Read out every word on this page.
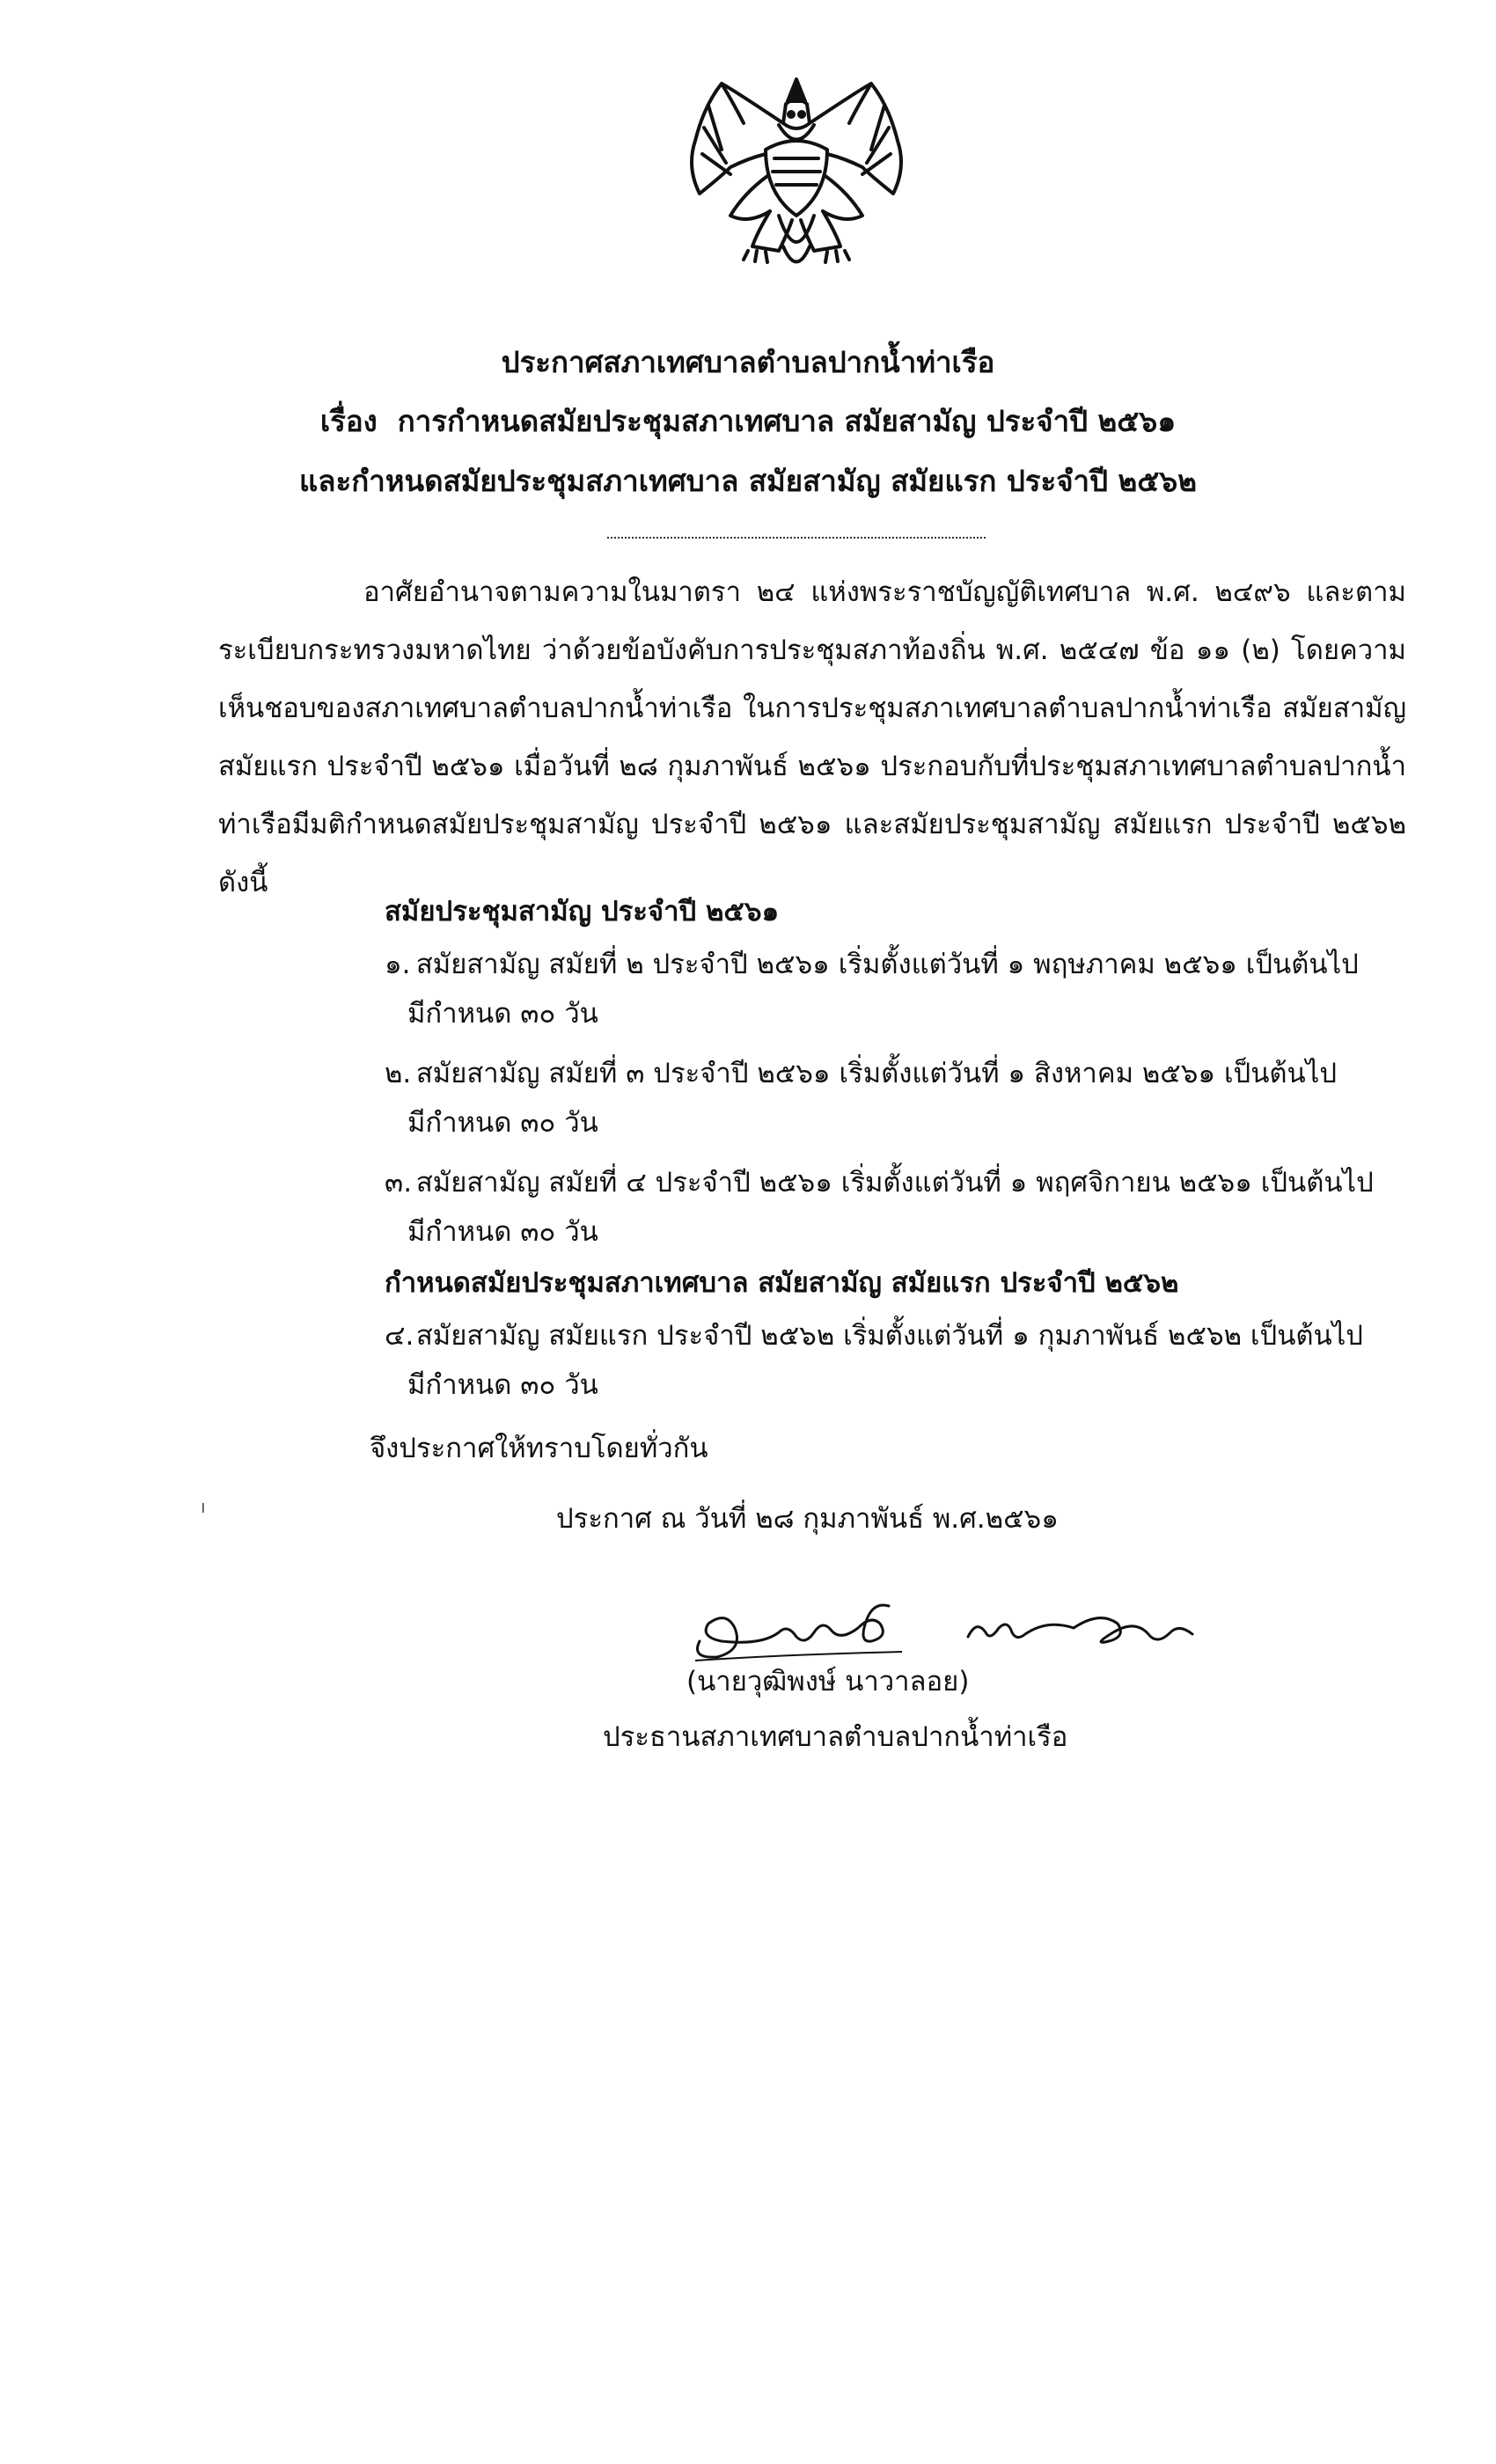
ประกาศสภาเทศบาลตำบลปากน้ำท่าเรือ
เรื่อง การกำหนดสมัยประชุมสภาเทศบาล สมัยสามัญ ประจำปี ๒๕๖๑
และกำหนดสมัยประชุมสภาเทศบาล สมัยสามัญ สมัยแรก ประจำปี ๒๕๖๒
อาศัยอำนาจตามความในมาตรา ๒๔ แห่งพระราชบัญญัติเทศบาล พ.ศ. ๒๔๙๖ และตามระเบียบกระทรวงมหาดไทย ว่าด้วยข้อบังคับการประชุมสภาท้องถิ่น พ.ศ. ๒๕๔๗ ข้อ ๑๑ (๒) โดยความเห็นชอบของสภาเทศบาลตำบลปากน้ำท่าเรือ ในการประชุมสภาเทศบาลตำบลปากน้ำท่าเรือ สมัยสามัญ สมัยแรก ประจำปี ๒๕๖๑ เมื่อวันที่ ๒๘ กุมภาพันธ์ ๒๕๖๑ ประกอบกับที่ประชุมสภาเทศบาลตำบลปากน้ำท่าเรือมีมติกำหนดสมัยประชุมสามัญ ประจำปี ๒๕๖๑ และสมัยประชุมสามัญ สมัยแรก ประจำปี ๒๕๖๒ ดังนี้
สมัยประชุมสามัญ ประจำปี ๒๕๖๑
๑. สมัยสามัญ สมัยที่ ๒ ประจำปี ๒๕๖๑ เริ่มตั้งแต่วันที่ ๑ พฤษภาคม ๒๕๖๑ เป็นต้นไป
มีกำหนด ๓๐ วัน
๒. สมัยสามัญ สมัยที่ ๓ ประจำปี ๒๕๖๑ เริ่มตั้งแต่วันที่ ๑ สิงหาคม ๒๕๖๑ เป็นต้นไป
มีกำหนด ๓๐ วัน
๓. สมัยสามัญ สมัยที่ ๔ ประจำปี ๒๕๖๑ เริ่มตั้งแต่วันที่ ๑ พฤศจิกายน ๒๕๖๑ เป็นต้นไป
มีกำหนด ๓๐ วัน
กำหนดสมัยประชุมสภาเทศบาล สมัยสามัญ สมัยแรก ประจำปี ๒๕๖๒
๔. สมัยสามัญ สมัยแรก ประจำปี ๒๕๖๒ เริ่มตั้งแต่วันที่ ๑ กุมภาพันธ์ ๒๕๖๒ เป็นต้นไป
มีกำหนด ๓๐ วัน
จึงประกาศให้ทราบโดยทั่วกัน
ประกาศ ณ วันที่ ๒๘ กุมภาพันธ์ พ.ศ.๒๕๖๑
(นายวุฒิพงษ์ นาวาลอย)
ประธานสภาเทศบาลตำบลปากน้ำท่าเรือ
ı
